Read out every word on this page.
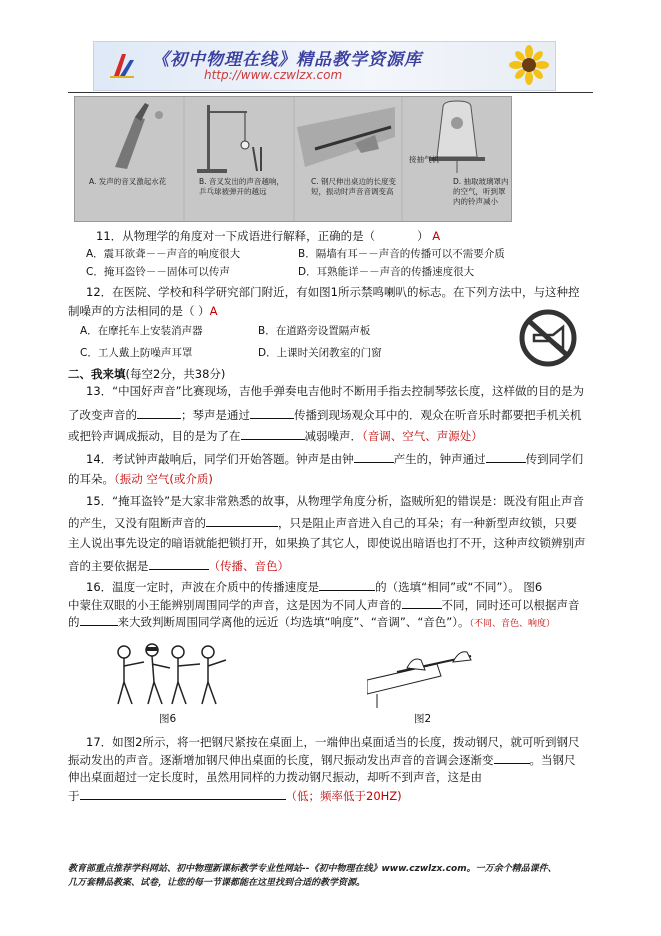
《初中物理在线》精品教学资源库
http://www.czwlzx.com
A. 发声的音叉激起水花	B. 音叉发出的声音越响，乒乓球被弹开的越远
C. 钢尺伸出桌边的长度变短，振动时声音音调变高
接抽气机
D. 抽取玻璃罩内的空气，听到罩内的铃声减小
11．从物理学的角度对一下成语进行解释，正确的是（	） A
A．震耳欲聋－－声音的响度很大	B．隔墙有耳－－声音的传播可以不需要介质
C．掩耳盗铃－－固体可以传声	D．耳熟能详－－声音的传播速度很大
12．在医院、学校和科学研究部门附近，有如图1所示禁鸣喇叭的标志。在下列方法中，与这种控
制噪声的方法相同的是（ ）A
A．在摩托车上安装消声器	B．在道路旁设置隔声板
C．工人戴上防噪声耳罩	D．上课时关闭教室的门窗
二、我来填(每空2分，共38分)
13．“中国好声音”比赛现场，吉他手弹奏电吉他时不断用手指去控制琴弦长度，这样做的目的是为
了改变声音的	；琴声是通过	传播到现场观众耳中的．观众在听音乐时都要把手机关机
或把铃声调成振动，目的是为了在	减弱噪声．（音调、空气、声源处）
14．考试钟声敲响后，同学们开始答题。钟声是由钟	产生的，钟声通过	传到同学们
的耳朵。（振动 空气(或介质)
15．“掩耳盗铃”是大家非常熟悉的故事，从物理学角度分析，盗贼所犯的错误是：既没有阻止声音
的产生，又没有阻断声音的	，只是阻止声音进入自己的耳朵；有一种新型声纹锁，只要
主人说出事先设定的暗语就能把锁打开，如果换了其它人，即使说出暗语也打不开，这种声纹锁辨别声
音的主要依据是	（传播、音色）
16．温度一定时，声波在介质中的传播速度是	的（选填“相同”或“不同”）。 图6
中蒙住双眼的小王能辨别周围同学的声音，这是因为不同人声音的	不同，同时还可以根据声音
的	来大致判断周围同学离他的远近（均选填“响度”、“音调”、“音色”）。（不同、音色、响度）
图6	图2
17．如图2所示，将一把钢尺紧按在桌面上，一端伸出桌面适当的长度，拨动钢尺，就可听到钢尺
振动发出的声音。逐渐增加钢尺伸出桌面的长度，钢尺振动发出声音的音调会逐渐变	。当钢尺
伸出桌面超过一定长度时，虽然用同样的力拨动钢尺振动，却听不到声音，这是由
于	（低；频率低于20HZ)
教育部重点推荐学科网站、初中物理新课标教学专业性网站--《初中物理在线》www.czwlzx.com。一万余个精品课件、
几万套精品教案、试卷，让您的每一节课都能在这里找到合适的教学资源。
